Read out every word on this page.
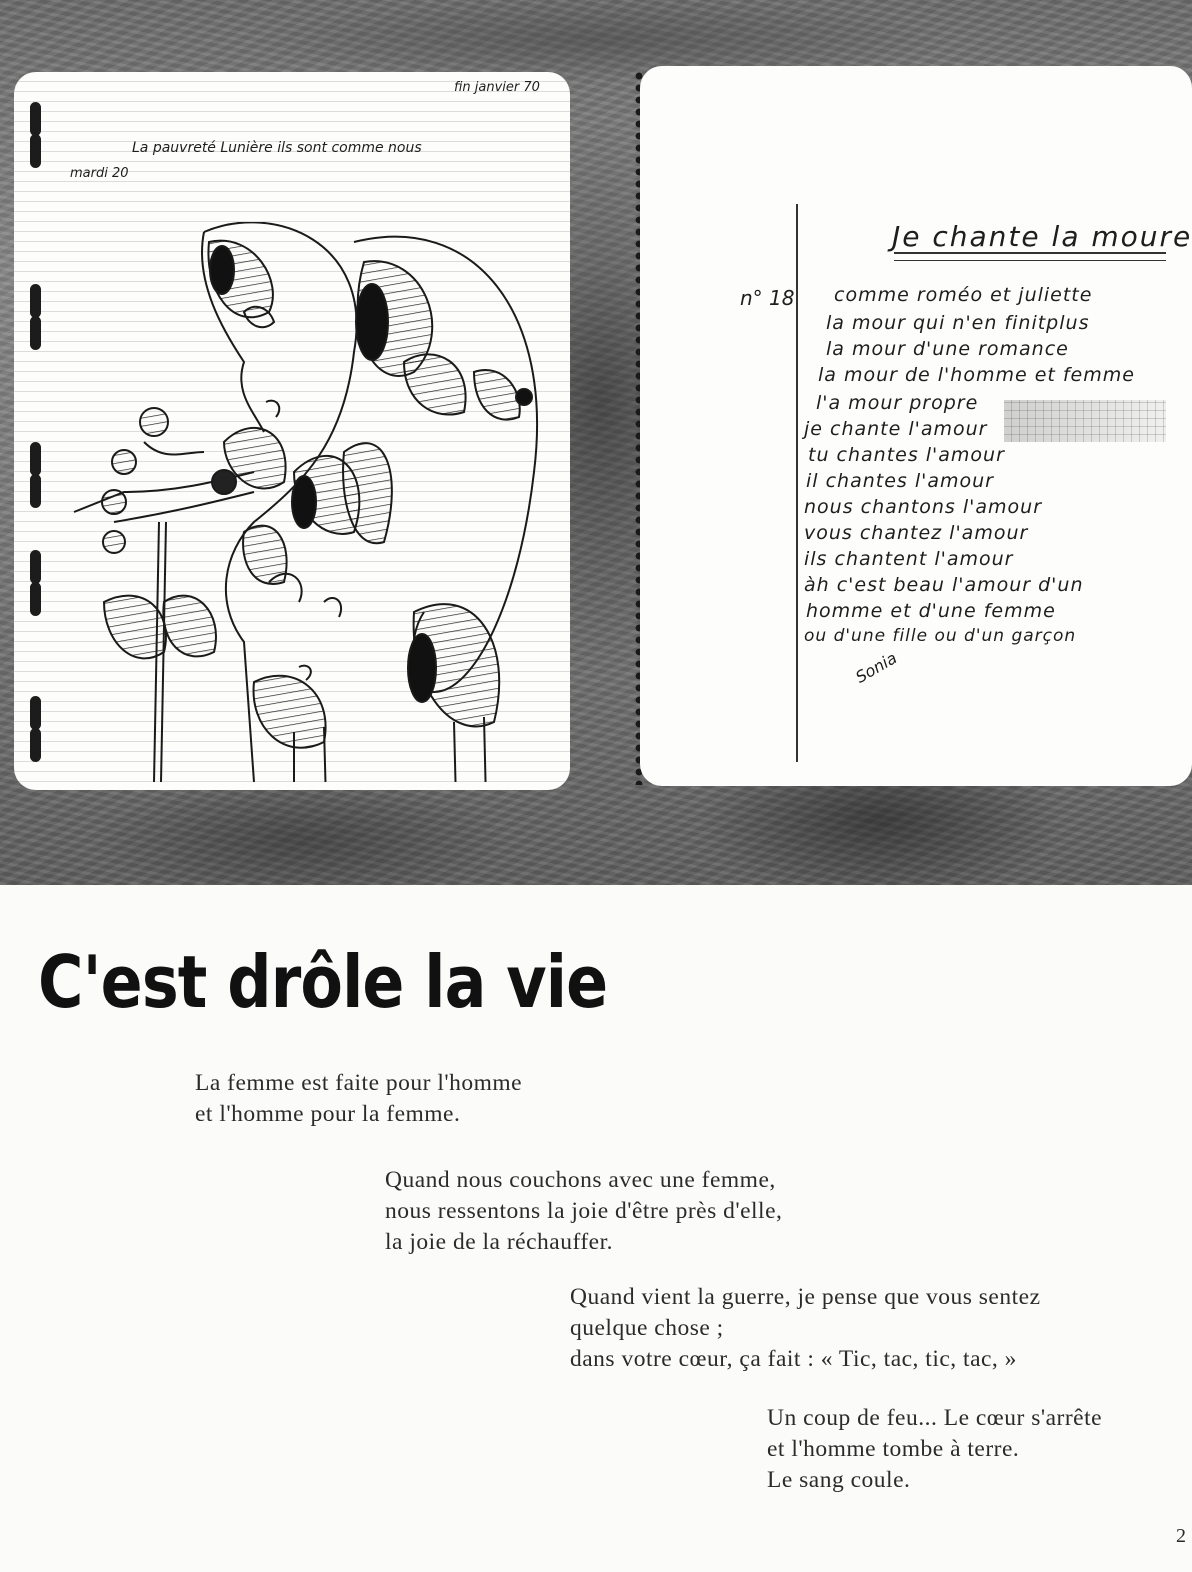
fin janvier 70
La pauvreté Lunière ils sont comme nous
mardi 20
Je chante la moure
n° 18 comme roméo et juliette
la mour qui n'en finitplus
la mour d'une romance
la mour de l'homme et femme
l'a mour propre
je chante l'amour
tu chantes l'amour
il chantes l'amour
nous chantons l'amour
vous chantez l'amour
ils chantent l'amour
àh c'est beau l'amour d'un
homme et d'une femme
ou d'une fille ou d'un garçon
Sonia
C'est drôle la vie

La femme est faite pour l'homme
et l'homme pour la femme.

Quand nous couchons avec une femme,
nous ressentons la joie d'être près d'elle,
la joie de la réchauffer.

Quand vient la guerre, je pense que vous sentez
quelque chose ;
dans votre cœur, ça fait : « Tic, tac, tic, tac, »

Un coup de feu... Le cœur s'arrête
et l'homme tombe à terre.
Le sang coule.

2
